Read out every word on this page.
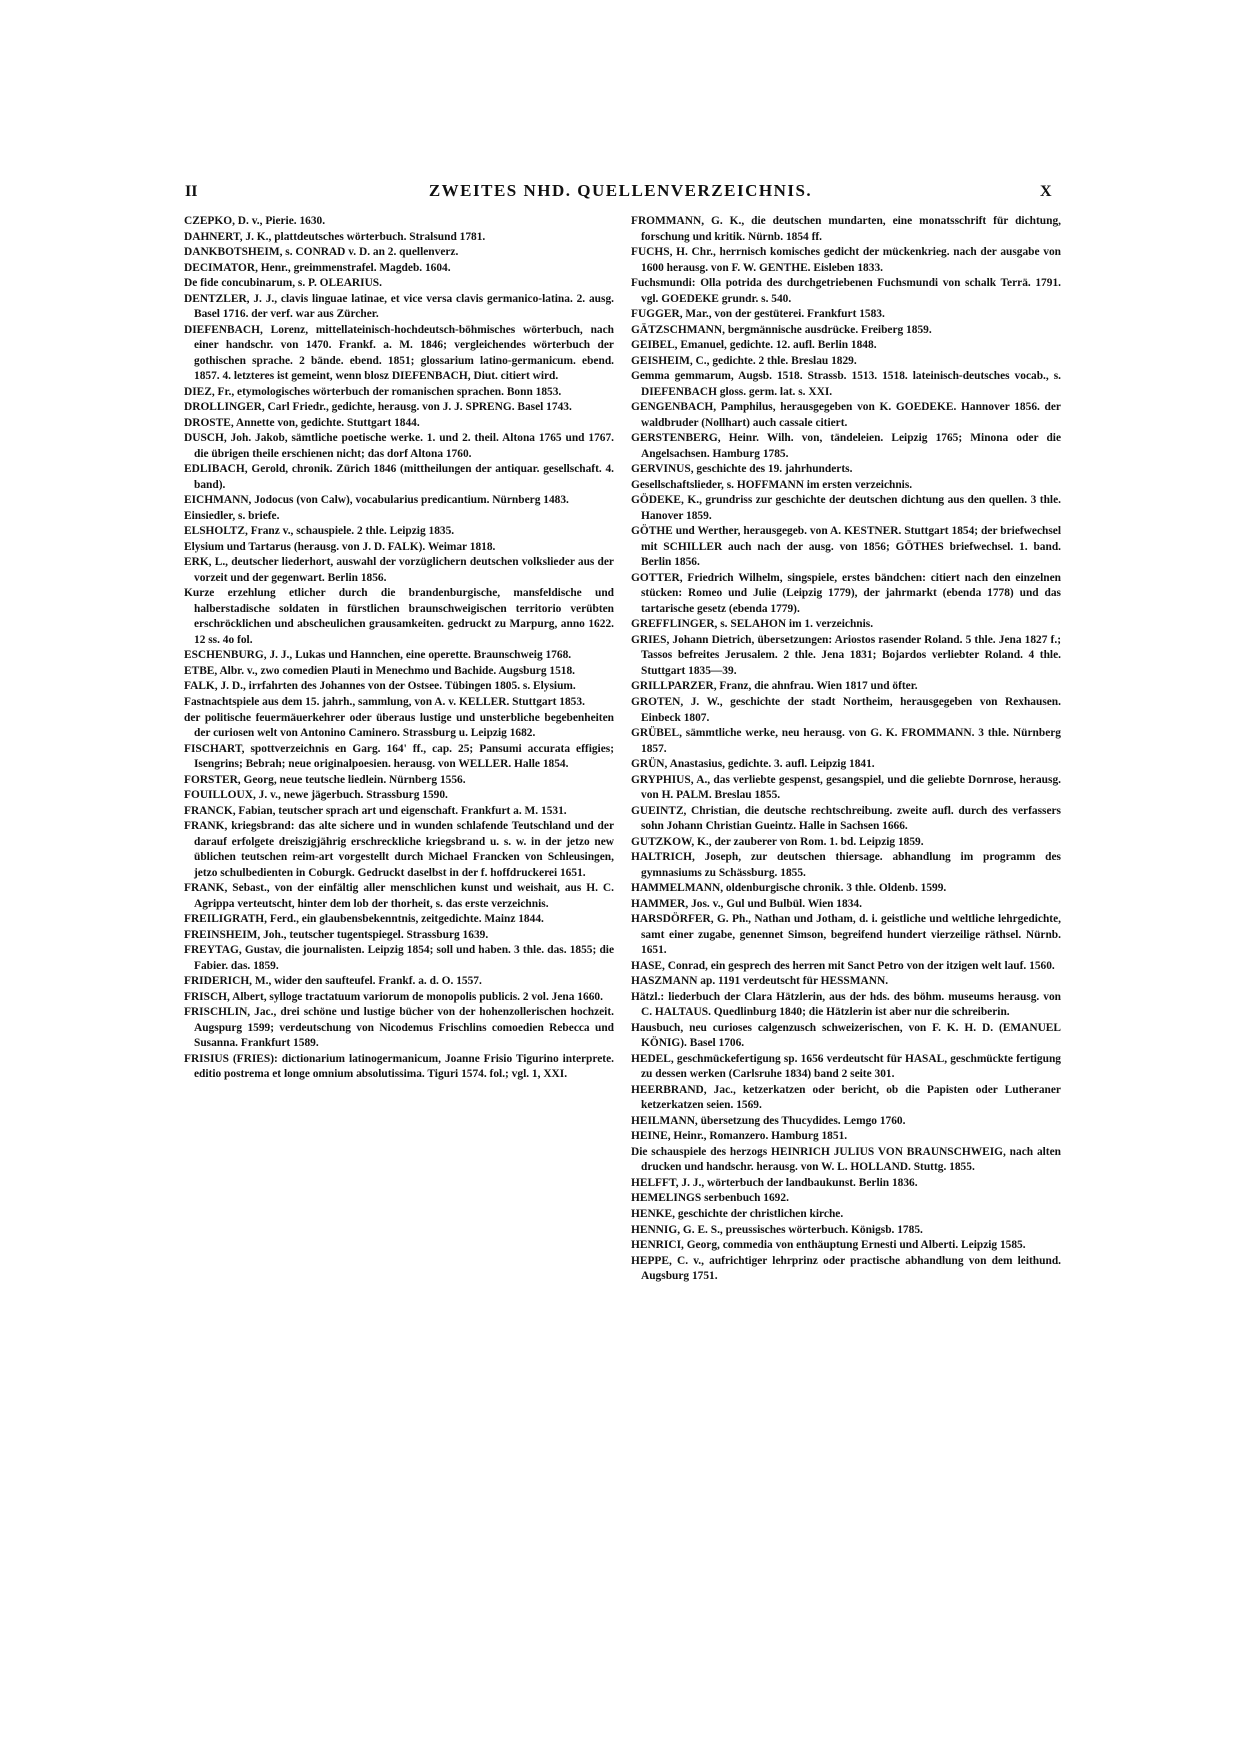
II	ZWEITES NHD. QUELLENVERZEICHNIS.	X

CZEPKO, D. v., Pierie. 1630.

DAHNERT, J. K., plattdeutsches wörterbuch. Stralsund 1781.

DANKBOTSHEIM, s. CONRAD v. D. an 2. quellenverz.

DECIMATOR, Henr., greimmenstrafel. Magdeb. 1604.

De fide concubinarum, s. P. OLEARIUS.

DENTZLER, J. J., clavis linguae latinae, et vice versa clavis germanico-latina. 2. ausg. Basel 1716. der verf. war aus Zürcher.

DIEFENBACH, Lorenz, mittellateinisch-hochdeutsch-böhmisches wörterbuch, nach einer handschr. von 1470. Frankf. a. M. 1846; vergleichendes wörterbuch der gothischen sprache. 2 bände. ebend. 1851; glossarium latino-germanicum. ebend. 1857. 4. letzteres ist gemeint, wenn blosz DIEFENBACH, Diut. citiert wird.

DIEZ, Fr., etymologisches wörterbuch der romanischen sprachen. Bonn 1853.

DROLLINGER, Carl Friedr., gedichte, herausg. von J. J. SPRENG. Basel 1743.

DROSTE, Annette von, gedichte. Stuttgart 1844.

DUSCH, Joh. Jakob, sämtliche poetische werke. 1. und 2. theil. Altona 1765 und 1767. die übrigen theile erschienen nicht; das dorf Altona 1760.

EDLIBACH, Gerold, chronik. Zürich 1846 (mittheilungen der antiquar. gesellschaft. 4. band).

EICHMANN, Jodocus (von Calw), vocabularius predicantium. Nürnberg 1483.

Einsiedler, s. briefe.

ELSHOLTZ, Franz v., schauspiele. 2 thle. Leipzig 1835.

Elysium und Tartarus (herausg. von J. D. FALK). Weimar 1818.

ERK, L., deutscher liederhort, auswahl der vorzüglichern deutschen volkslieder aus der vorzeit und der gegenwart. Berlin 1856.

Kurze erzehlung etlicher durch die brandenburgische, mansfeldische und halberstadische soldaten in fürstlichen braunschweigischen territorio verübten erschröcklichen und abscheulichen grausamkeiten. gedruckt zu Marpurg, anno 1622. 12 ss. 4o fol.

ESCHENBURG, J. J., Lukas und Hannchen, eine operette. Braunschweig 1768.

ETBE, Albr. v., zwo comedien Plauti in Menechmo und Bachide. Augsburg 1518.

FALK, J. D., irrfahrten des Johannes von der Ostsee. Tübingen 1805. s. Elysium.

Fastnachtspiele aus dem 15. jahrh., sammlung, von A. v. KELLER. Stuttgart 1853.

der politische feuermäuerkehrer oder überaus lustige und unsterbliche begebenheiten der curiosen welt von Antonino Caminero. Strassburg u. Leipzig 1682.

FISCHART, spottverzeichnis en Garg. 164' ff., cap. 25; Pansumi accurata effigies; Isengrins; Bebrah; neue originalpoesien. herausg. von WELLER. Halle 1854.

FORSTER, Georg, neue teutsche liedlein. Nürnberg 1556.

FOUILLOUX, J. v., newe jägerbuch. Strassburg 1590.

FRANCK, Fabian, teutscher sprach art und eigenschaft. Frankfurt a. M. 1531.

FRANK, kriegsbrand: das alte sichere und in wunden schlafende Teutschland und der darauf erfolgete dreiszigjährig erschreckliche kriegsbrand u. s. w. in der jetzo new üblichen teutschen reim-art vorgestellt durch Michael Francken von Schleusingen, jetzo schulbedienten in Coburgk. Gedruckt daselbst in der f. hoffdruckerei 1651.

FRANK, Sebast., von der einfältig aller menschlichen kunst und weishait, aus H. C. Agrippa verteutscht, hinter dem lob der thorheit, s. das erste verzeichnis.

FREILIGRATH, Ferd., ein glaubensbekenntnis, zeitgedichte. Mainz 1844.

FREINSHEIM, Joh., teutscher tugentspiegel. Strassburg 1639.

FREYTAG, Gustav, die journalisten. Leipzig 1854; soll und haben. 3 thle. das. 1855; die Fabier. das. 1859.

FRIDERICH, M., wider den saufteufel. Frankf. a. d. O. 1557.

FRISCH, Albert, sylloge tractatuum variorum de monopolis publicis. 2 vol. Jena 1660.

FRISCHLIN, Jac., drei schöne und lustige bücher von der hohenzollerischen hochzeit. Augspurg 1599; verdeutschung von Nicodemus Frischlins comoedien Rebecca und Susanna. Frankfurt 1589.

FRISIUS (FRIES): dictionarium latinogermanicum, Joanne Frisio Tigurino interprete. editio postrema et longe omnium absolutissima. Tiguri 1574. fol.; vgl. 1, XXI.

FROMMANN, G. K., die deutschen mundarten, eine monatsschrift für dichtung, forschung und kritik. Nürnb. 1854 ff.

FUCHS, H. Chr., herrnisch komisches gedicht der mückenkrieg. nach der ausgabe von 1600 herausg. von F. W. GENTHE. Eisleben 1833.

Fuchsmundi: Olla potrida des durchgetriebenen Fuchsmundi von schalk Terrä. 1791. vgl. GOEDEKE grundr. s. 540.

FUGGER, Mar., von der gestüterei. Frankfurt 1583.

GÄTZSCHMANN, bergmännische ausdrücke. Freiberg 1859.

GEIBEL, Emanuel, gedichte. 12. aufl. Berlin 1848.

GEISHEIM, C., gedichte. 2 thle. Breslau 1829.

Gemma gemmarum, Augsb. 1518. Strassb. 1513. 1518. lateinisch-deutsches vocab., s. DIEFENBACH gloss. germ. lat. s. XXI.

GENGENBACH, Pamphilus, herausgegeben von K. GOEDEKE. Hannover 1856. der waldbruder (Nollhart) auch cassale citiert.

GERSTENBERG, Heinr. Wilh. von, tändeleien. Leipzig 1765; Minona oder die Angelsachsen. Hamburg 1785.

GERVINUS, geschichte des 19. jahrhunderts.

Gesellschaftslieder, s. HOFFMANN im ersten verzeichnis.

GÖDEKE, K., grundriss zur geschichte der deutschen dichtung aus den quellen. 3 thle. Hanover 1859.

GÖTHE und Werther, herausgegeb. von A. KESTNER. Stuttgart 1854; der briefwechsel mit SCHILLER auch nach der ausg. von 1856; GÖTHES briefwechsel. 1. band. Berlin 1856.

GOTTER, Friedrich Wilhelm, singspiele, erstes bändchen: citiert nach den einzelnen stücken: Romeo und Julie (Leipzig 1779), der jahrmarkt (ebenda 1778) und das tartarische gesetz (ebenda 1779).

GREFFLINGER, s. SELAHON im 1. verzeichnis.

GRIES, Johann Dietrich, übersetzungen: Ariostos rasender Roland. 5 thle. Jena 1827 f.; Tassos befreites Jerusalem. 2 thle. Jena 1831; Bojardos verliebter Roland. 4 thle. Stuttgart 1835—39.

GRILLPARZER, Franz, die ahnfrau. Wien 1817 und öfter.

GROTEN, J. W., geschichte der stadt Northeim, herausgegeben von Rexhausen. Einbeck 1807.

GRÜBEL, sämmtliche werke, neu herausg. von G. K. FROMMANN. 3 thle. Nürnberg 1857.

GRÜN, Anastasius, gedichte. 3. aufl. Leipzig 1841.

GRYPHIUS, A., das verliebte gespenst, gesangspiel, und die geliebte Dornrose, herausg. von H. PALM. Breslau 1855.

GUEINTZ, Christian, die deutsche rechtschreibung. zweite aufl. durch des verfassers sohn Johann Christian Gueintz. Halle in Sachsen 1666.

GUTZKOW, K., der zauberer von Rom. 1. bd. Leipzig 1859.

HALTRICH, Joseph, zur deutschen thiersage. abhandlung im programm des gymnasiums zu Schässburg. 1855.

HAMMELMANN, oldenburgische chronik. 3 thle. Oldenb. 1599.

HAMMER, Jos. v., Gul und Bulbül. Wien 1834.

HARSDÖRFER, G. Ph., Nathan und Jotham, d. i. geistliche und weltliche lehrgedichte, samt einer zugabe, genennet Simson, begreifend hundert vierzeilige räthsel. Nürnb. 1651.

HASE, Conrad, ein gesprech des herren mit Sanct Petro von der itzigen welt lauf. 1560.

HASZMANN ap. 1191 verdeutscht für HESSMANN.

Hätzl.: liederbuch der Clara Hätzlerin, aus der hds. des böhm. museums herausg. von C. HALTAUS. Quedlinburg 1840; die Hätzlerin ist aber nur die schreiberin.

Hausbuch, neu curioses calgenzusch schweizerischen, von F. K. H. D. (EMANUEL KÖNIG). Basel 1706.

HEDEL, geschmückefertigung sp. 1656 verdeutscht für HASAL, geschmückte fertigung zu dessen werken (Carlsruhe 1834) band 2 seite 301.

HEERBRAND, Jac., ketzerkatzen oder bericht, ob die Papisten oder Lutheraner ketzerkatzen seien. 1569.

HEILMANN, übersetzung des Thucydides. Lemgo 1760.

HEINE, Heinr., Romanzero. Hamburg 1851.

Die schauspiele des herzogs HEINRICH JULIUS VON BRAUNSCHWEIG, nach alten drucken und handschr. herausg. von W. L. HOLLAND. Stuttg. 1855.

HELFFT, J. J., wörterbuch der landbaukunst. Berlin 1836.

HEMELINGS serbenbuch 1692.

HENKE, geschichte der christlichen kirche.

HENNIG, G. E. S., preussisches wörterbuch. Königsb. 1785.

HENRICI, Georg, commedia von enthäuptung Ernesti und Alberti. Leipzig 1585.

HEPPE, C. v., aufrichtiger lehrprinz oder practische abhandlung von dem leithund. Augsburg 1751.
